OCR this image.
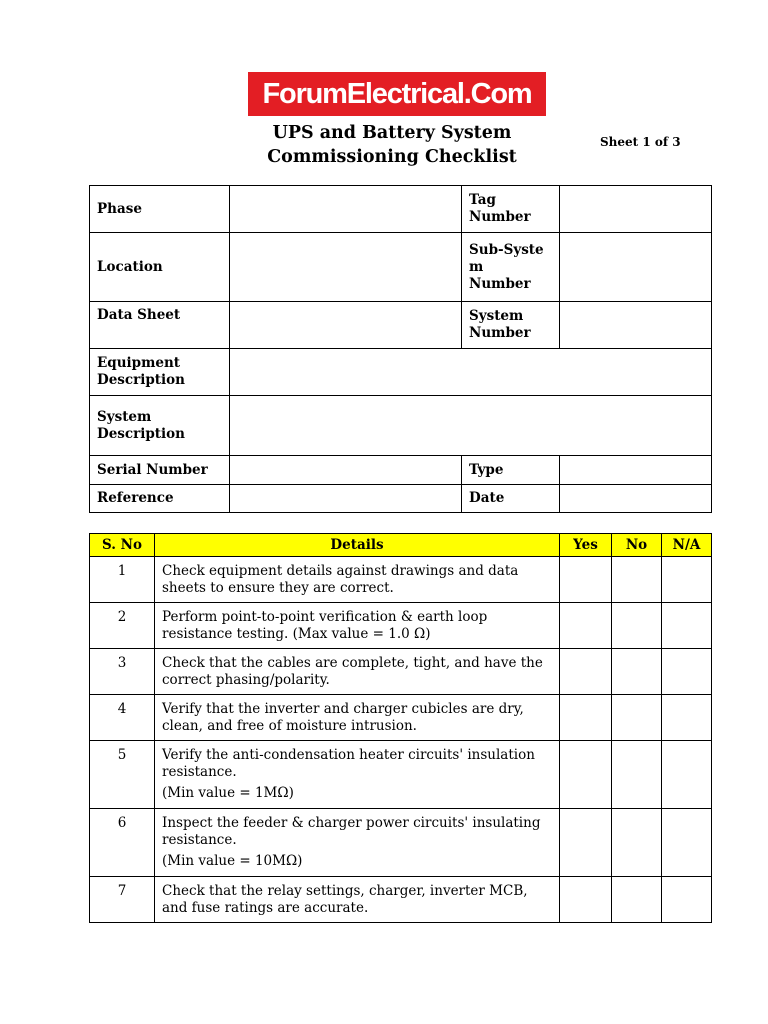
ForumElectrical.Com
UPS and Battery System
Commissioning Checklist
Sheet 1 of 3
Phase		Tag Number	
Location		Sub-Syste
m
Number	
Data Sheet		System Number	
Equipment Description			
System Description			
Serial Number		Type	
Reference		Date	
S. No	Details	Yes	No	N/A
1	Check equipment details against drawings and data sheets to ensure they are correct.			
2	Perform point-to-point verification & earth loop resistance testing. (Max value = 1.0 Ω)			
3	Check that the cables are complete, tight, and have the correct phasing/polarity.			
4	Verify that the inverter and charger cubicles are dry, clean, and free of moisture intrusion.			
5	Verify the anti-condensation heater circuits' insulation resistance.
(Min value = 1MΩ)			

6	Inspect the feeder & charger power circuits' insulating resistance.
(Min value = 10MΩ)			

7	Check that the relay settings, charger, inverter MCB, and fuse ratings are accurate.			
